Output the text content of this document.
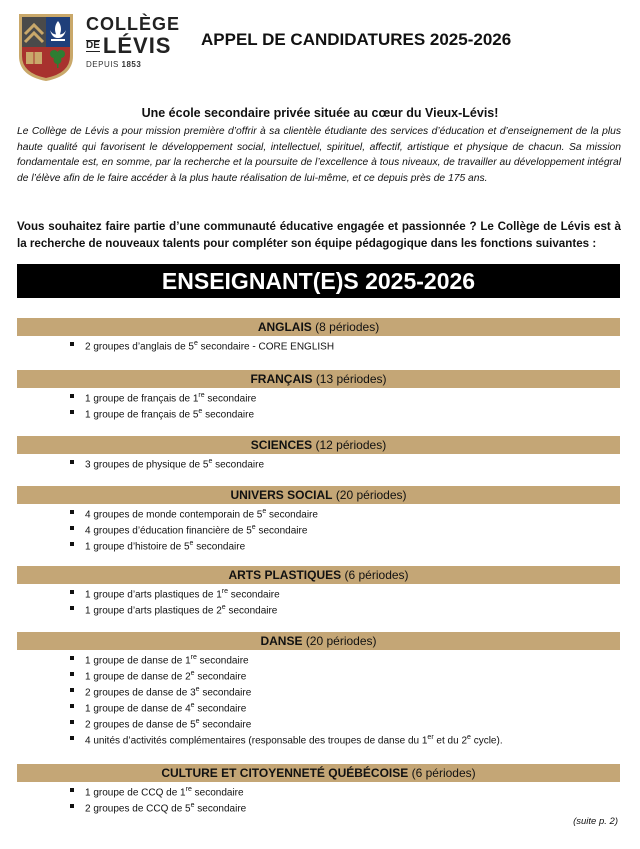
COLLÈGE
DE LÉVIS
DEPUIS 1853
APPEL DE CANDIDATURES 2025-2026
Une école secondaire privée située au cœur du Vieux-Lévis!
Le Collège de Lévis a pour mission première d’offrir à sa clientèle étudiante des services d’éducation et d’enseignement de la plus haute qualité qui favorisent le développement social, intellectuel, spirituel, affectif, artistique et physique de chacun. Sa mission fondamentale est, en somme, par la recherche et la poursuite de l’excellence à tous niveaux, de travailler au développement intégral de l’élève afin de le faire accéder à la plus haute réalisation de lui-même, et ce depuis près de 175 ans.
Vous souhaitez faire partie d’une communauté éducative engagée et passionnée ? Le Collège de Lévis est à la recherche de nouveaux talents pour compléter son équipe pédagogique dans les fonctions suivantes :
ENSEIGNANT(E)S 2025-2026
ANGLAIS (8 périodes)
2 groupes d’anglais de 5e secondaire - CORE ENGLISH
FRANÇAIS (13 périodes)
1 groupe de français de 1re secondaire
1 groupe de français de 5e secondaire
SCIENCES (12 périodes)
3 groupes de physique de 5e secondaire
UNIVERS SOCIAL (20 périodes)
4 groupes de monde contemporain de 5e secondaire
4 groupes d’éducation financière de 5e secondaire
1 groupe d’histoire de 5e secondaire
ARTS PLASTIQUES (6 périodes)
1 groupe d’arts plastiques de 1re secondaire
1 groupe d’arts plastiques de 2e secondaire
DANSE (20 périodes)
1 groupe de danse de 1re secondaire
1 groupe de danse de 2e secondaire
2 groupes de danse de 3e secondaire
1 groupe de danse de 4e secondaire
2 groupes de danse de 5e secondaire
4 unités d’activités complémentaires (responsable des troupes de danse du 1er et du 2e cycle).
CULTURE ET CITOYENNETÉ QUÉBÉCOISE (6 périodes)
1 groupe de CCQ de 1re secondaire
2 groupes de CCQ de 5e secondaire
(suite p. 2)
